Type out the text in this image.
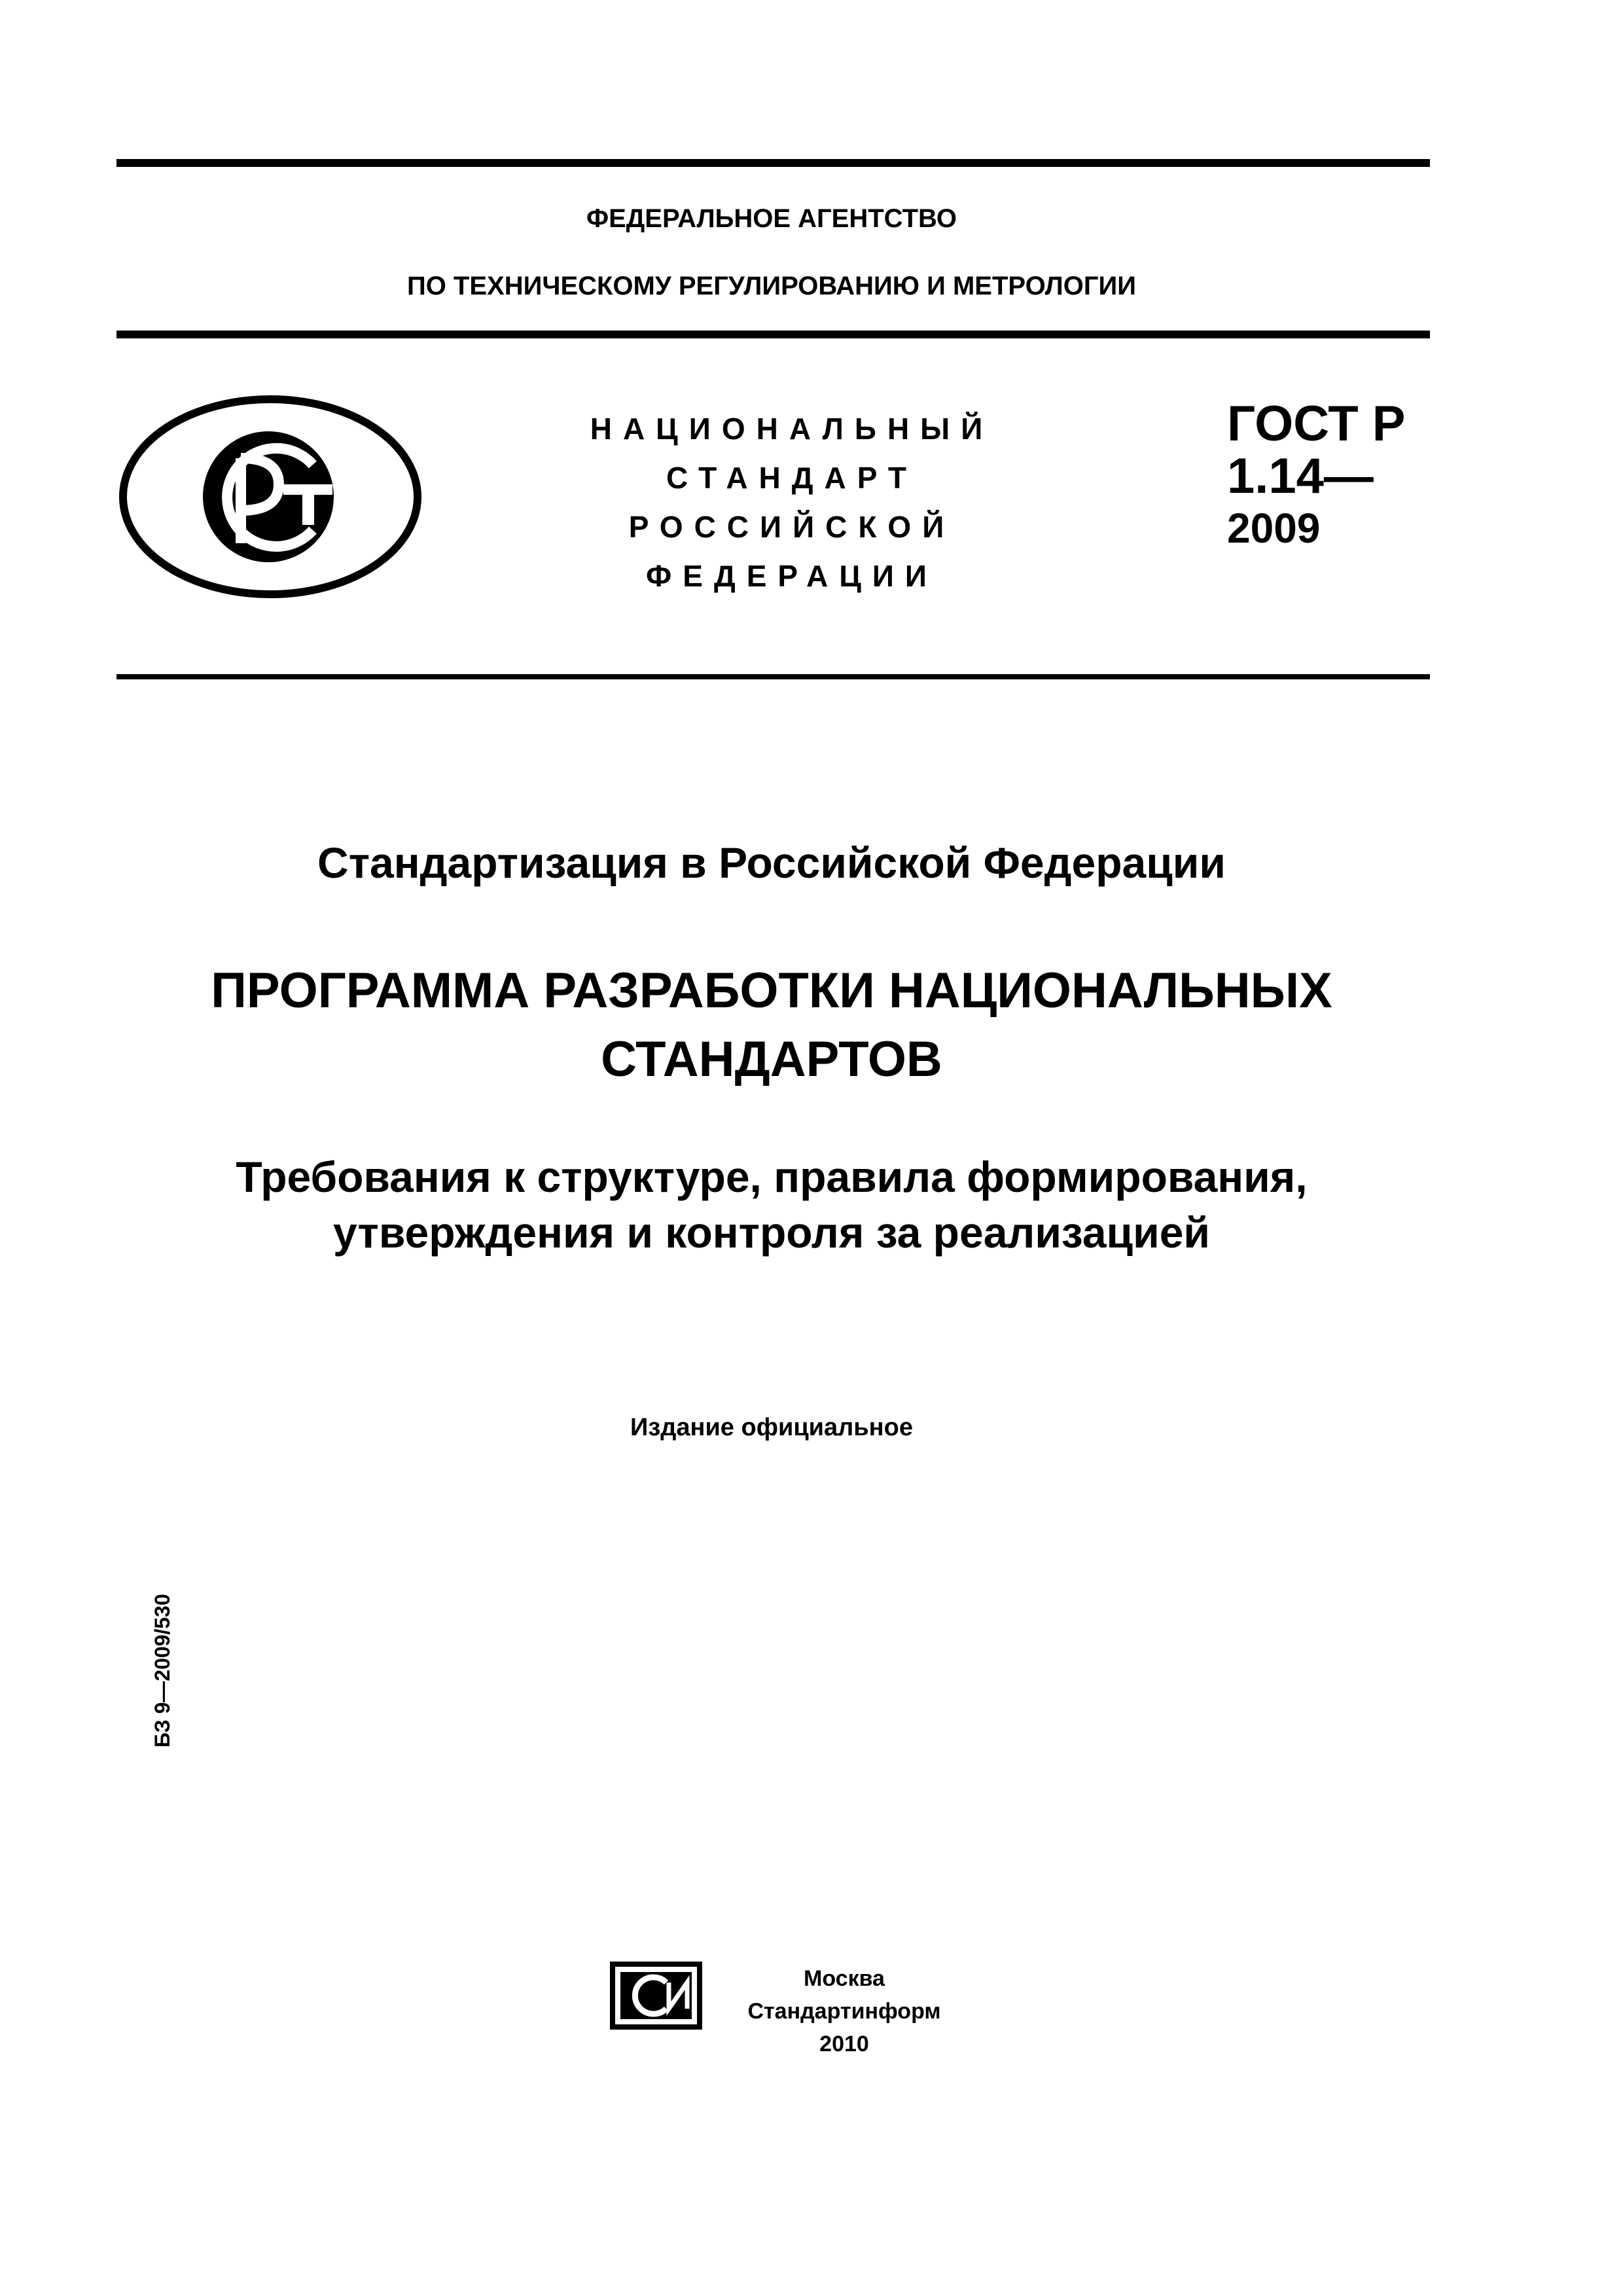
ФЕДЕРАЛЬНОЕ АГЕНТСТВО
ПО ТЕХНИЧЕСКОМУ РЕГУЛИРОВАНИЮ И МЕТРОЛОГИИ
РСТ
НАЦИОНАЛЬНЫЙ
СТАНДАРТ
РОССИЙСКОЙ
ФЕДЕРАЦИИ
ГОСТ Р
1.14—
2009
Стандартизация в Российской Федерации
ПРОГРАММА РАЗРАБОТКИ НАЦИОНАЛЬНЫХ
СТАНДАРТОВ
Требования к структуре, правила формирования,
утверждения и контроля за реализацией
Издание официальное
БЗ 9—2009/530
СИ
Москва
Стандартинформ
2010
